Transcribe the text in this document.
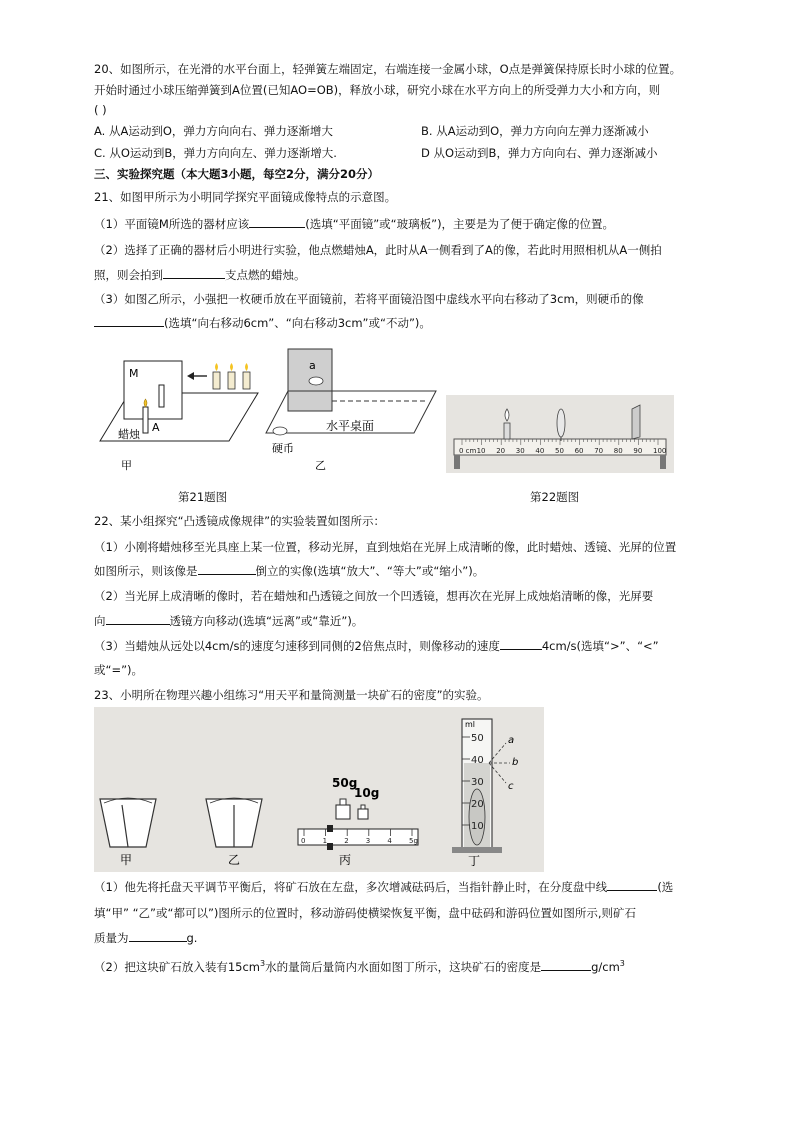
20、如图所示，在光滑的水平台面上，轻弹簧左端固定，右端连接一金属小球，O点是弹簧保持原长时小球的位置。
开始时通过小球压缩弹簧到A位置(已知AO=OB)，释放小球，研究小球在水平方向上的所受弹力大小和方向，则
( )
A. 从A运动到O，弹力方向向右、弹力逐渐增大	B. 从A运动到O，弹力方向向左弹力逐渐减小
C. 从O运动到B，弹力方向向左、弹力逐渐增大.	D 从O运动到B，弹力方向向右、弹力逐渐减小
三、实验探究题（本大题3小题，每空2分，满分20分）
21、如图甲所示为小明同学探究平面镜成像特点的示意图。
（1）平面镜M所选的器材应该	(选填“平面镜”或“玻璃板”)，主要是为了便于确定像的位置。
（2）选择了正确的器材后小明进行实验，他点燃蜡烛A，此时从A一侧看到了A的像，若此时用照相机从A一侧拍
照，则会拍到	支点燃的蜡烛。
（3）如图乙所示，小强把一枚硬币放在平面镜前，若将平面镜沿图中虚线水平向右移动了3cm，则硬币的像
(选填“向右移动6cm”、“向右移动3cm”或“不动”)。
M
A
蜡烛
甲
a
水平桌面
硬币
乙
0 cm 10 20 30 40 50 60 70 80 90 100
第21题图	第22题图
22、某小组探究“凸透镜成像规律”的实验装置如图所示：
（1）小刚将蜡烛移至光具座上某一位置，移动光屏，直到烛焰在光屏上成清晰的像，此时蜡烛、透镜、光屏的位置
如图所示，则该像是	倒立的实像(选填“放大”、“等大”或“缩小”)。
（2）当光屏上成清晰的像时，若在蜡烛和凸透镜之间放一个凹透镜，想再次在光屏上成烛焰清晰的像，光屏要
向	透镜方向移动(选填“远离”或“靠近”)。
（3）当蜡烛从远处以4cm/s的速度匀速移到同侧的2倍焦点时，则像移动的速度	4cm/s(选填“>”、“<”
或“=”)。
23、小明所在物理兴趣小组练习“用天平和量筒测量一块矿石的密度”的实验。
甲	乙
50g
10g
0 1 2 3 4 5g
丙
ml
50
40
30
20
10
a
b
c
丁
（1）他先将托盘天平调节平衡后，将矿石放在左盘，多次增减砝码后，当指针静止时，在分度盘中线	(选
填“甲” “乙”或“都可以”)图所示的位置时，移动游码使横梁恢复平衡，盘中砝码和游码位置如图所示,则矿石
质量为	g.
（2）把这块矿石放入装有$15cm^3$水的量筒后量筒内水面如图丁所示，这块矿石的密度是	$g/cm^3$
